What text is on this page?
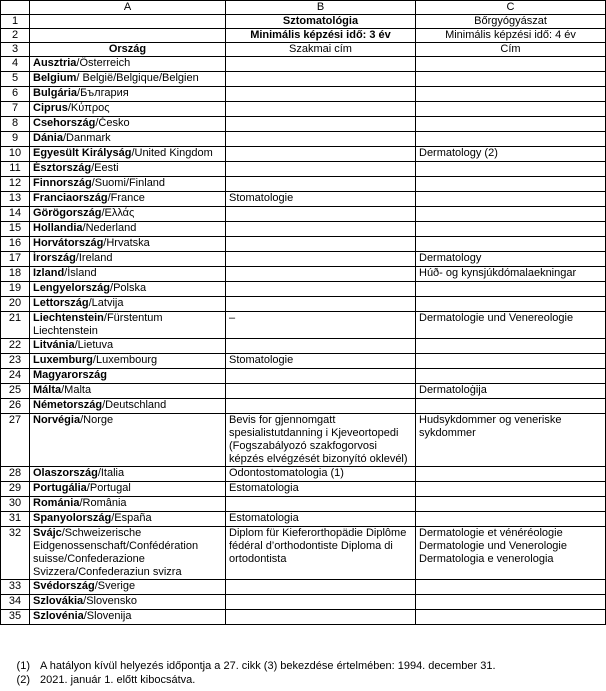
	A	B	C
1		Sztomatológia	Bőrgyógyászat
2		Minimális képzési idő: 3 év	Minimális képzési idő: 4 év
3	Ország	Szakmai cím	Cím
4	Ausztria/Österreich		
5	Belgium/ België/Belgique/Belgien		
6	Bulgária/България		
7	Ciprus/Κύπρος		
8	Csehország/Česko		
9	Dánia/Danmark		
10	Egyesült Királyság/United Kingdom		Dermatology (2)
11	Észtország/Eesti		
12	Finnország/Suomi/Finland		
13	Franciaország/France	Stomatologie	
14	Görögország/Ελλάς		
15	Hollandia/Nederland		
16	Horvátország/Hrvatska		
17	Írország/Ireland		Dermatology
18	Izland/Ísland		Húð- og kynsjúkdómalaekningar
19	Lengyelország/Polska		
20	Lettország/Latvija		
21	Liechtenstein/Fürstentum Liechtenstein	–	Dermatologie und Venereologie
22	Litvánia/Lietuva		
23	Luxemburg/Luxembourg	Stomatologie	
24	Magyarország		
25	Málta/Malta		Dermatoloġija
26	Németország/Deutschland		
27	Norvégia/Norge	Bevis for gjennomgatt spesialistutdanning i Kjeveortopedi (Fogszabályozó szakfogorvosi képzés elvégzését bizonyító oklevél)	Hudsykdommer og veneriske sykdommer
28	Olaszország/Italia	Odontostomatologia (1)	
29	Portugália/Portugal	Estomatologia	
30	Románia/România		
31	Spanyolország/España	Estomatologia	
32	Svájc/Schweizerische Eidgenossenschaft/Confédération suisse/Confederazione Svizzera/Confederaziun svizra	Diplom für Kieferorthopädie Diplôme fédéral d’orthodontiste Diploma di ortodontista	Dermatologie et vénéréologie Dermatologie und Venerologie Dermatologia e venerologia
33	Svédország/Sverige		
34	Szlovákia/Slovensko		
35	Szlovénia/Slovenija		
(1) A hatályon kívül helyezés időpontja a 27. cikk (3) bekezdése értelmében: 1994. december 31.
(2) 2021. január 1. előtt kibocsátva.
